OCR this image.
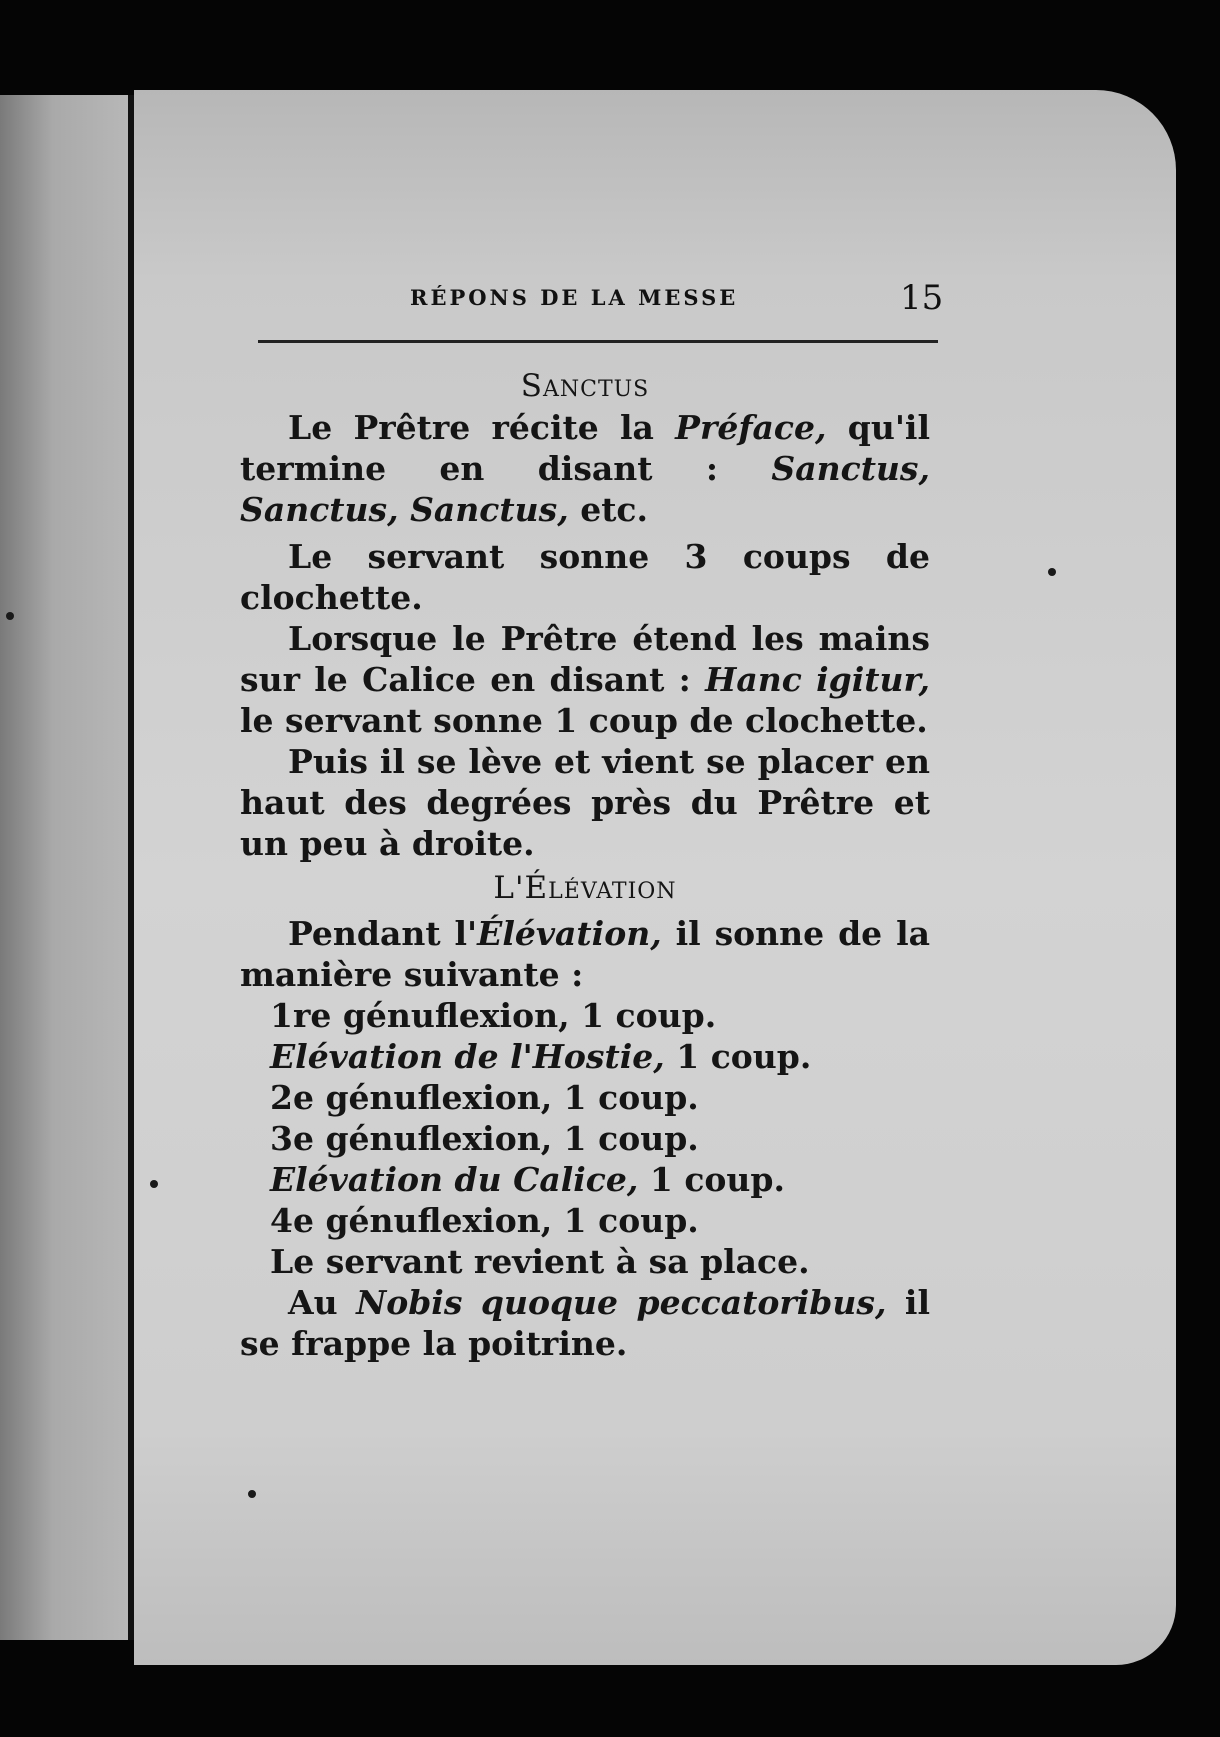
RÉPONS DE LA MESSE	15
Sanctus

Le Prêtre récite la Préface, qu'il termine en disant : Sanctus, Sanctus, Sanctus, etc.

Le servant sonne 3 coups de clochette.

Lorsque le Prêtre étend les mains sur le Calice en disant : Hanc igitur, le servant sonne 1 coup de clochette.

Puis il se lève et vient se placer en haut des degrées près du Prêtre et un peu à droite.

L'Élévation

Pendant l'Élévation, il sonne de la manière suivante :

1re génuflexion, 1 coup.

Elévation de l'Hostie, 1 coup.

2e génuflexion, 1 coup.

3e génuflexion, 1 coup.

Elévation du Calice, 1 coup.

4e génuflexion, 1 coup.

Le servant revient à sa place.

Au Nobis quoque peccatoribus, il se frappe la poitrine.
